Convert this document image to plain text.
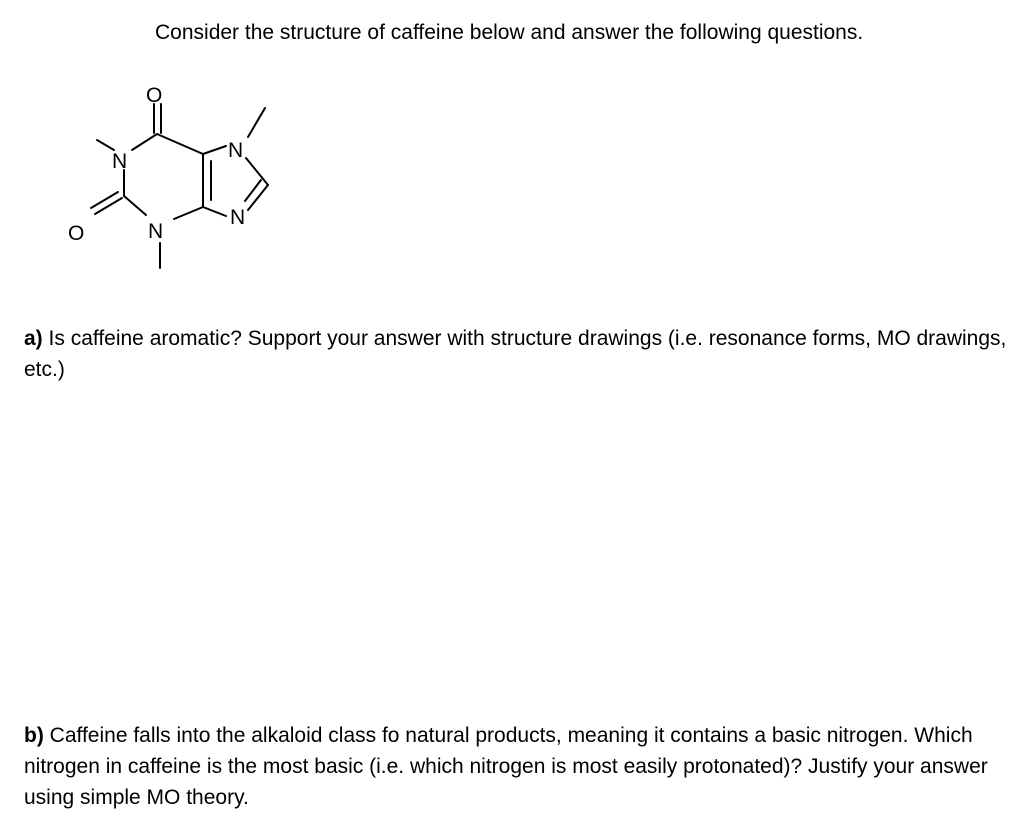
Consider the structure of caffeine below and answer the following questions.
O
O
N
N
N
N
a) Is caffeine aromatic? Support your answer with structure drawings (i.e. resonance forms, MO drawings, etc.)
b) Caffeine falls into the alkaloid class fo natural products, meaning it contains a basic nitrogen. Which nitrogen in caffeine is the most basic (i.e. which nitrogen is most easily protonated)? Justify your answer using simple MO theory.
